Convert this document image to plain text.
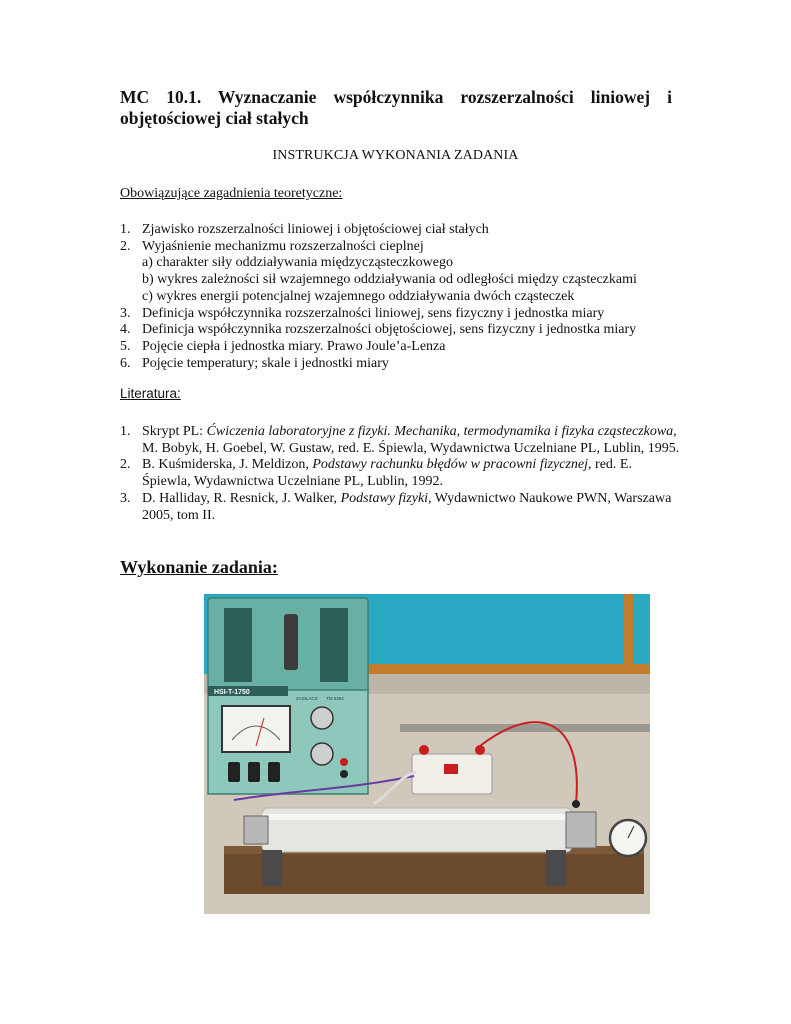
MC 10.1. Wyznaczanie współczynnika rozszerzalności liniowej i objętościowej ciał stałych
INSTRUKCJA WYKONANIA ZADANIA
Obowiązujące zagadnienia teoretyczne:
1. Zjawisko rozszerzalności liniowej i objętościowej ciał stałych
2. Wyjaśnienie mechanizmu rozszerzalności cieplnej
a) charakter siły oddziaływania międzycząsteczkowego
b) wykres zależności sił wzajemnego oddziaływania od odległości między cząsteczkami
c) wykres energii potencjalnej wzajemnego oddziaływania dwóch cząsteczek
3. Definicja współczynnika rozszerzalności liniowej, sens fizyczny i jednostka miary
4. Definicja współczynnika rozszerzalności objętościowej, sens fizyczny i jednostka miary
5. Pojęcie ciepła i jednostka miary. Prawo Joule’a-Lenza
6. Pojęcie temperatury; skale i jednostki miary
Literatura:
1. Skrypt PL: Ćwiczenia laboratoryjne z fizyki. Mechanika, termodynamika i fizyka cząsteczkowa, M. Bobyk, H. Goebel, W. Gustaw, red. E. Śpiewla, Wydawnictwa Uczelniane PL, Lublin, 1995.
2. B. Kuśmiderska, J. Meldizon, Podstawy rachunku błędów w pracowni fizycznej, red. E. Śpiewla, Wydawnictwa Uczelniane PL, Lublin, 1992.
3. D. Halliday, R. Resnick, J. Walker, Podstawy fizyki, Wydawnictwo Naukowe PWN, Warszawa 2005, tom II.
Wykonanie zadania:
HSI-T-1750
ZASILACZ TM 5394
